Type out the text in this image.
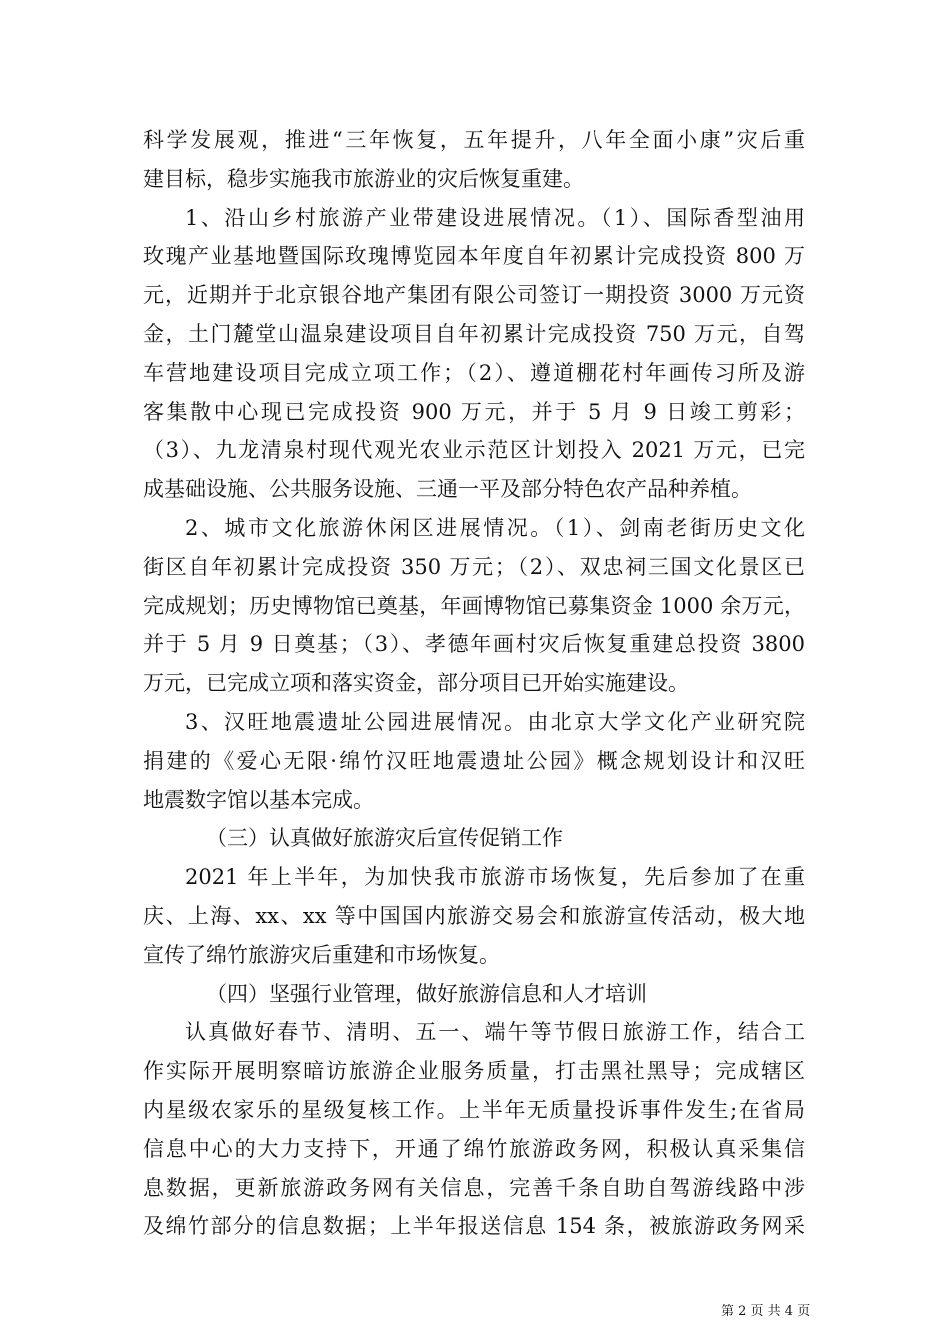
科学发展观，推进“三年恢复，五年提升，八年全面小康”灾后重
建目标，稳步实施我市旅游业的灾后恢复重建。
1、沿山乡村旅游产业带建设进展情况。（1）、国际香型油用
玫瑰产业基地暨国际玫瑰博览园本年度自年初累计完成投资 800 万
元，近期并于北京银谷地产集团有限公司签订一期投资 3000 万元资
金，土门麓堂山温泉建设项目自年初累计完成投资 750 万元，自驾
车营地建设项目完成立项工作；（2）、遵道棚花村年画传习所及游
客集散中心现已完成投资 900 万元，并于 5 月 9 日竣工剪彩；
（3）、九龙清泉村现代观光农业示范区计划投入 2021 万元，已完
成基础设施、公共服务设施、三通一平及部分特色农产品种养植。
2、城市文化旅游休闲区进展情况。（1）、剑南老街历史文化
街区自年初累计完成投资 350 万元；（2）、双忠祠三国文化景区已
完成规划；历史博物馆已奠基，年画博物馆已募集资金 1000 余万元，
并于 5 月 9 日奠基；（3）、孝德年画村灾后恢复重建总投资 3800
万元，已完成立项和落实资金，部分项目已开始实施建设。
3、汉旺地震遗址公园进展情况。由北京大学文化产业研究院
捐建的《爱心无限·绵竹汉旺地震遗址公园》概念规划设计和汉旺
地震数字馆以基本完成。
（三）认真做好旅游灾后宣传促销工作
2021 年上半年，为加快我市旅游市场恢复，先后参加了在重
庆、上海、xx、xx 等中国国内旅游交易会和旅游宣传活动，极大地
宣传了绵竹旅游灾后重建和市场恢复。
（四）坚强行业管理，做好旅游信息和人才培训
认真做好春节、清明、五一、端午等节假日旅游工作，结合工
作实际开展明察暗访旅游企业服务质量，打击黑社黑导；完成辖区
内星级农家乐的星级复核工作。上半年无质量投诉事件发生;在省局
信息中心的大力支持下，开通了绵竹旅游政务网，积极认真采集信
息数据，更新旅游政务网有关信息，完善千条自助自驾游线路中涉
及绵竹部分的信息数据；上半年报送信息 154 条，被旅游政务网采
第 2 页 共 4 页
